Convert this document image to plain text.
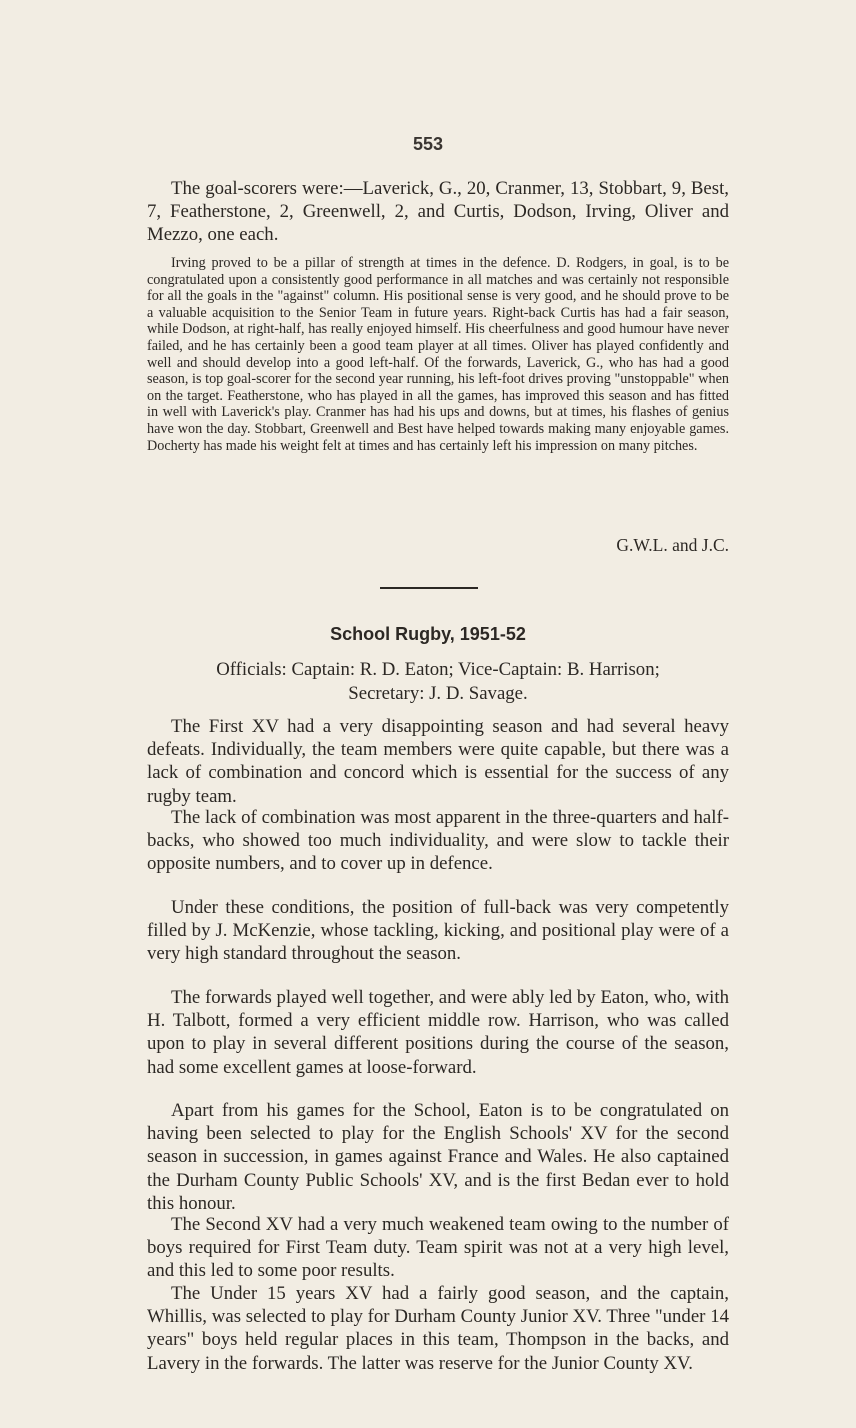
553

The goal-scorers were:—Laverick, G., 20, Cranmer, 13, Stobbart, 9, Best, 7, Featherstone, 2, Greenwell, 2, and Curtis, Dodson, Irving, Oliver and Mezzo, one each.

Irving proved to be a pillar of strength at times in the defence. D. Rodgers, in goal, is to be congratulated upon a consistently good performance in all matches and was certainly not responsible for all the goals in the "against" column. His positional sense is very good, and he should prove to be a valuable acquisition to the Senior Team in future years. Right-back Curtis has had a fair season, while Dodson, at right-half, has really enjoyed himself. His cheerfulness and good humour have never failed, and he has certainly been a good team player at all times. Oliver has played confidently and well and should develop into a good left-half. Of the forwards, Laverick, G., who has had a good season, is top goal-scorer for the second year running, his left-foot drives proving "unstoppable" when on the target. Featherstone, who has played in all the games, has improved this season and has fitted in well with Laverick's play. Cranmer has had his ups and downs, but at times, his flashes of genius have won the day. Stobbart, Greenwell and Best have helped towards making many enjoyable games. Docherty has made his weight felt at times and has certainly left his impression on many pitches.

G.W.L. and J.C.

School Rugby, 1951-52

Officials: Captain: R. D. Eaton; Vice-Captain: B. Harrison;

Secretary: J. D. Savage.

The First XV had a very disappointing season and had several heavy defeats. Individually, the team members were quite capable, but there was a lack of combination and concord which is essential for the success of any rugby team.

The lack of combination was most apparent in the three-quarters and half-backs, who showed too much individuality, and were slow to tackle their opposite numbers, and to cover up in defence.

Under these conditions, the position of full-back was very competently filled by J. McKenzie, whose tackling, kicking, and positional play were of a very high standard throughout the season.

The forwards played well together, and were ably led by Eaton, who, with H. Talbott, formed a very efficient middle row. Harrison, who was called upon to play in several different positions during the course of the season, had some excellent games at loose-forward.

Apart from his games for the School, Eaton is to be congratulated on having been selected to play for the English Schools' XV for the second season in succession, in games against France and Wales. He also captained the Durham County Public Schools' XV, and is the first Bedan ever to hold this honour.

The Second XV had a very much weakened team owing to the number of boys required for First Team duty. Team spirit was not at a very high level, and this led to some poor results.

The Under 15 years XV had a fairly good season, and the captain, Whillis, was selected to play for Durham County Junior XV. Three "under 14 years" boys held regular places in this team, Thompson in the backs, and Lavery in the forwards. The latter was reserve for the Junior County XV.
